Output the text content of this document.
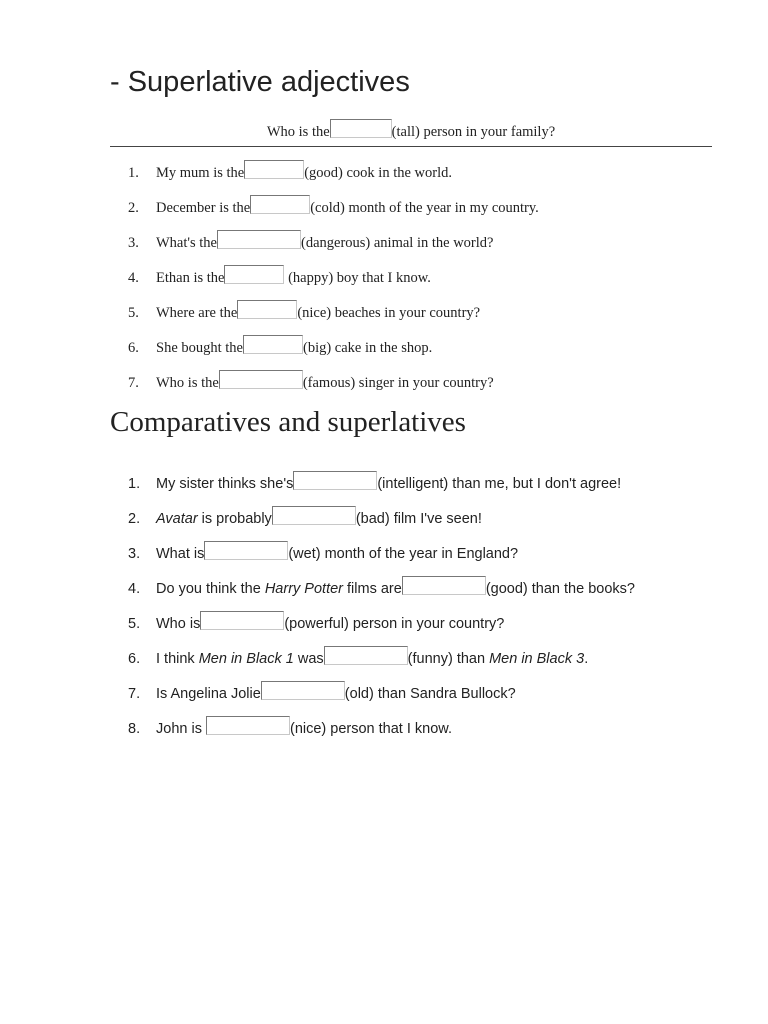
- Superlative adjectives
Who is the	(tall) person in your family?
1.	My mum is the	(good) cook in the world.
2.	December is the	(cold) month of the year in my country.
3.	What's the	(dangerous) animal in the world?
4.	Ethan is the	(happy) boy that I know.
5.	Where are the	(nice) beaches in your country?
6.	She bought the	(big) cake in the shop.
7.	Who is the	(famous) singer in your country?
Comparatives and superlatives
1.	My sister thinks she's	(intelligent) than me, but I don't agree!
2.	Avatar is probably	(bad) film I've seen!
3.	What is	(wet) month of the year in England?
4.	Do you think the Harry Potter films are	(good) than the books?
5.	Who is	(powerful) person in your country?
6.	I think Men in Black 1 was	(funny) than Men in Black 3.
7.	Is Angelina Jolie	(old) than Sandra Bullock?
8.	John is	(nice) person that I know.
